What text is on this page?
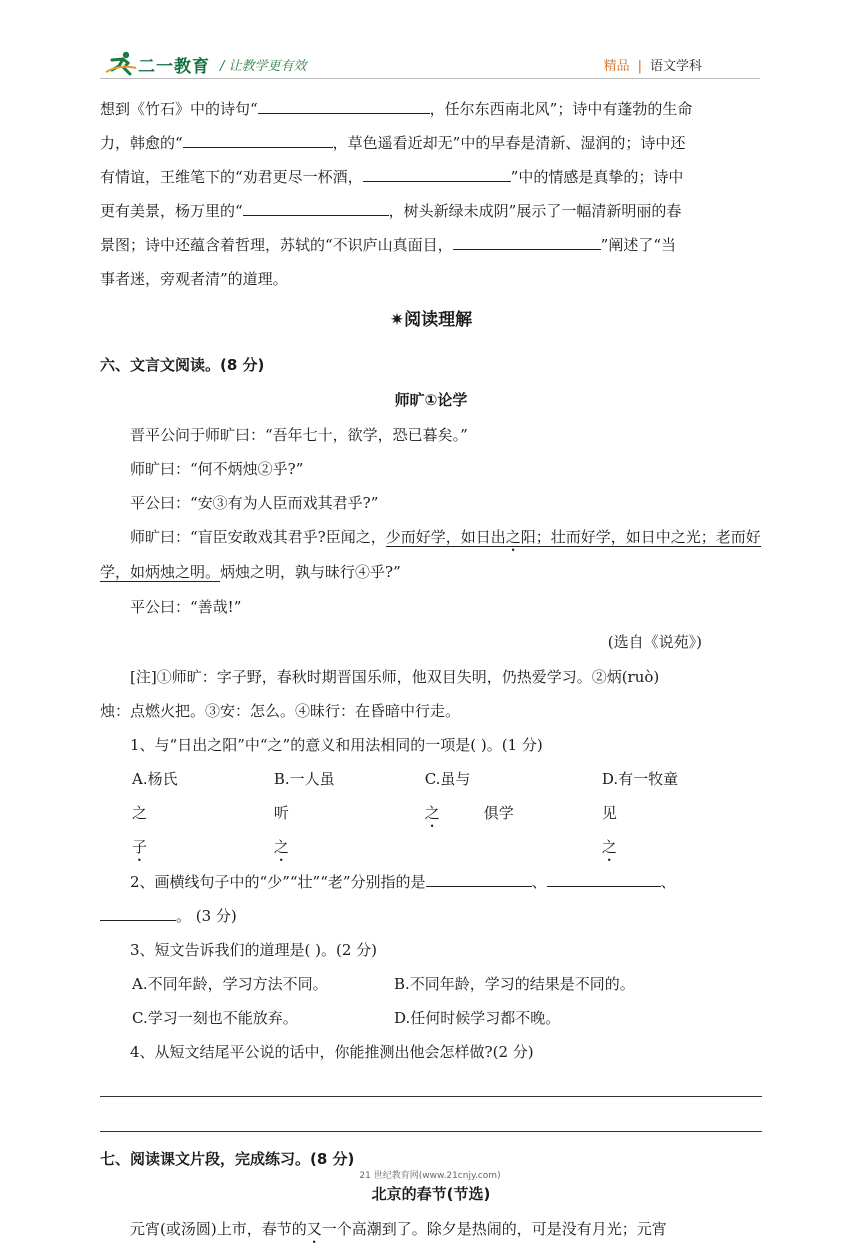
二一教育 / 让教学更有效	精品 | 语文学科

想到《竹石》中的诗句“	，任尔东西南北风”；诗中有蓬勃的生命

力，韩愈的“	，草色遥看近却无”中的早春是清新、湿润的；诗中还

有情谊，王维笔下的“劝君更尽一杯酒，	”中的情感是真挚的；诗中

更有美景，杨万里的“	，树头新绿未成阴”展示了一幅清新明丽的春

景图；诗中还蕴含着哲理，苏轼的“不识庐山真面目，	”阐述了“当

事者迷，旁观者清”的道理。

✷阅读理解

六、文言文阅读。(8 分)

师旷①论学

晋平公问于师旷曰：“吾年七十，欲学，恐已暮矣。”

师旷曰：“何不炳烛②乎?”

平公曰：“安③有为人臣而戏其君乎?”

师旷曰：“盲臣安敢戏其君乎?臣闻之，少而好学，如日出之阳；壮而好学，如日中之光；老而好学，如炳烛之明。炳烛之明，孰与昧行④乎?”

平公曰：“善哉!”

(选自《说苑》)

[注]①师旷：字子野，春秋时期晋国乐师，他双目失明，仍热爱学习。②炳(ruò)

烛：点燃火把。③安：怎么。④昧行：在昏暗中行走。

1、与“日出之阳”中“之”的意义和用法相同的一项是( )。(1 分)

A.杨氏之子
B.一人虽听之
C.虽与之	俱学
D.有一牧童见之

2、画横线句子中的“少”“壮”“老”分别指的是	、	、

。 (3 分)

3、短文告诉我们的道理是( )。(2 分)

A.不同年龄，学习方法不同。	B.不同年龄，学习的结果是不同的。
C.学习一刻也不能放弃。	D.任何时候学习都不晚。

4、从短文结尾平公说的话中，你能推测出他会怎样做?(2 分)

七、阅读课文片段，完成练习。(8 分)

北京的春节(节选)

元宵(或汤圆)上市，春节的又一个高潮到了。除夕是热闹的，可是没有月光；元宵

21 世纪教育网(www.21cnjy.com)
